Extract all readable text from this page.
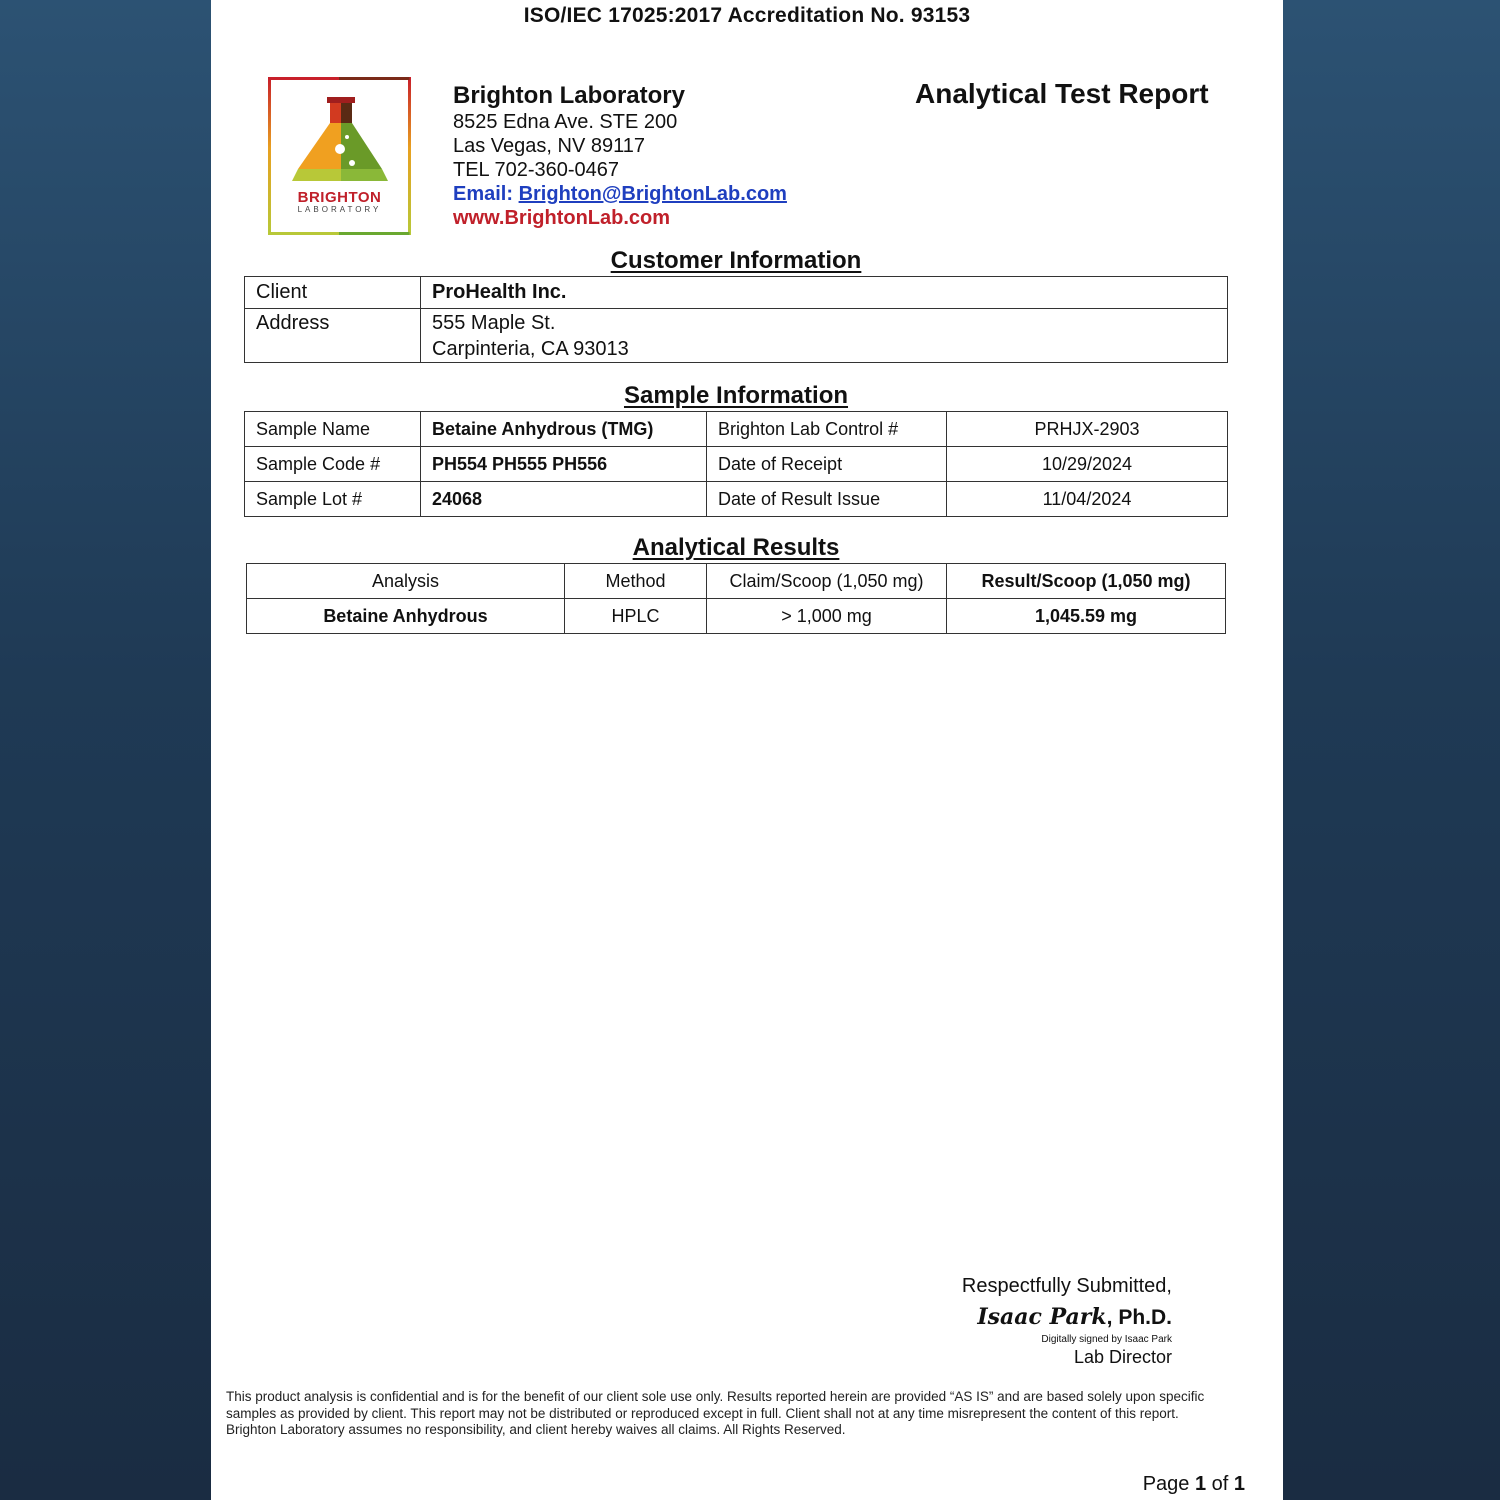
ISO/IEC 17025:2017 Accreditation No. 93153
BRIGHTON
LABORATORY
Brighton Laboratory
8525 Edna Ave. STE 200
Las Vegas, NV 89117
TEL 702-360-0467
Email: Brighton@BrightonLab.com
www.BrightonLab.com
Analytical Test Report
Customer Information
Client	ProHealth Inc.
Address	555 Maple St.
Carpinteria, CA 93013
Sample Information
Sample Name	Betaine Anhydrous (TMG)	Brighton Lab Control #	PRHJX-2903
Sample Code #	PH554 PH555 PH556	Date of Receipt	10/29/2024
Sample Lot #	24068	Date of Result Issue	11/04/2024
Analytical Results
Analysis	Method	Claim/Scoop (1,050 mg)	Result/Scoop (1,050 mg)
Betaine Anhydrous	HPLC	> 1,000 mg	1,045.59 mg
Respectfully Submitted,
Isaac Park, Ph.D.
Digitally signed by Isaac Park
Lab Director
This product analysis is confidential and is for the benefit of our client sole use only. Results reported herein are provided “AS IS” and are based solely upon specific samples as provided by client. This report may not be distributed or reproduced except in full. Client shall not at any time misrepresent the content of this report. Brighton Laboratory assumes no responsibility, and client hereby waives all claims. All Rights Reserved.
Page 1 of 1
